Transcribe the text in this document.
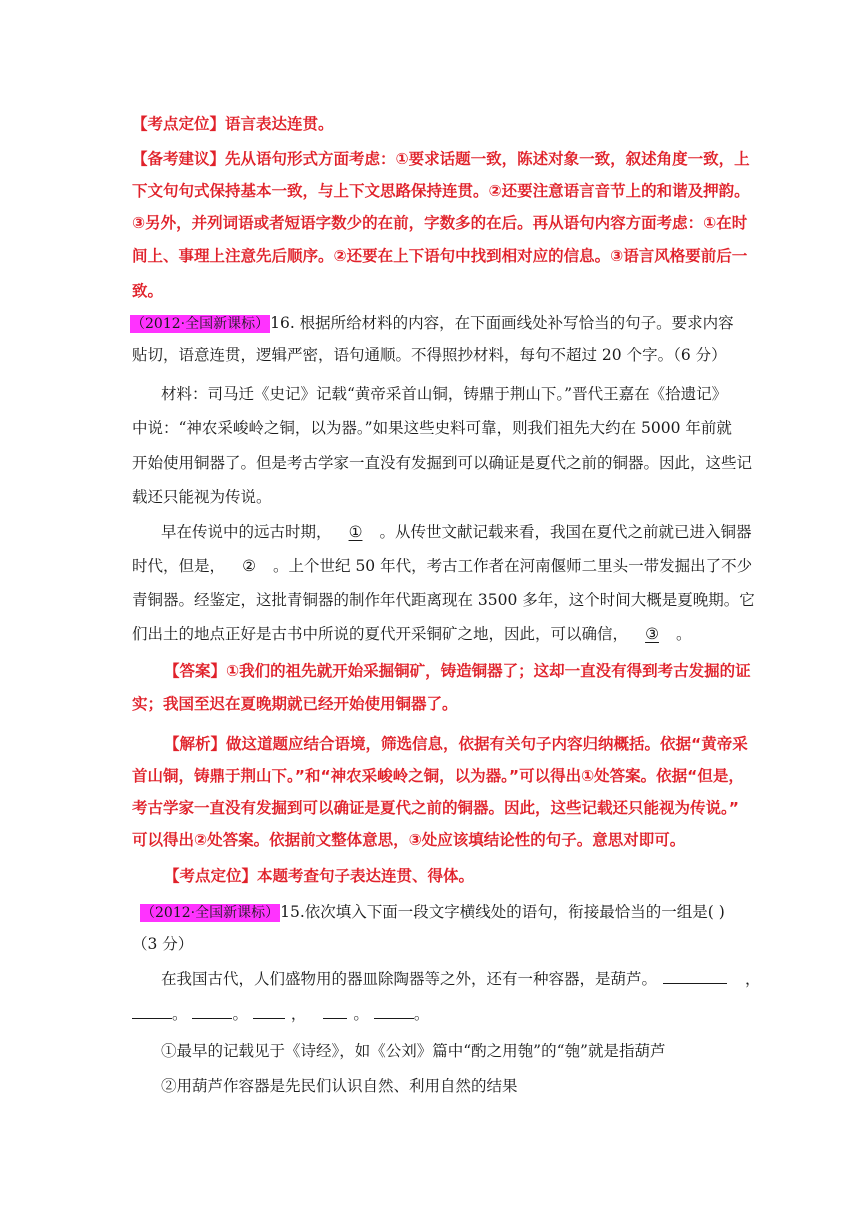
【考点定位】语言表达连贯。
【备考建议】先从语句形式方面考虑：①要求话题一致，陈述对象一致，叙述角度一致，上
下文句句式保持基本一致，与上下文思路保持连贯。②还要注意语言音节上的和谐及押韵。
③另外，并列词语或者短语字数少的在前，字数多的在后。再从语句内容方面考虑：①在时
间上、事理上注意先后顺序。②还要在上下语句中找到相对应的信息。③语言风格要前后一
致。
（2012·全国新课标）16. 根据所给材料的内容，在下面画线处补写恰当的句子。要求内容
贴切，语意连贯，逻辑严密，语句通顺。不得照抄材料，每句不超过 20 个字。（6 分）
材料：司马迁《史记》记载“黄帝采首山铜，铸鼎于荆山下。”晋代王嘉在《拾遗记》
中说：“神农采峻岭之铜，以为器。”如果这些史料可靠，则我们祖先大约在 5000 年前就
开始使用铜器了。但是考古学家一直没有发掘到可以确证是夏代之前的铜器。因此，这些记
载还只能视为传说。
早在传说中的远古时期， ① 。从传世文献记载来看，我国在夏代之前就已进入铜器
时代，但是， ② 。上个世纪 50 年代，考古工作者在河南偃师二里头一带发掘出了不少
青铜器。经鉴定，这批青铜器的制作年代距离现在 3500 多年，这个时间大概是夏晚期。它
们出土的地点正好是古书中所说的夏代开采铜矿之地，因此，可以确信， ③ 。
【答案】①我们的祖先就开始采掘铜矿，铸造铜器了；这却一直没有得到考古发掘的证
实；我国至迟在夏晚期就已经开始使用铜器了。
【解析】做这道题应结合语境，筛选信息，依据有关句子内容归纳概括。依据“黄帝采
首山铜，铸鼎于荆山下。”和“神农采峻岭之铜，以为器。”可以得出①处答案。依据“但是，
考古学家一直没有发掘到可以确证是夏代之前的铜器。因此，这些记载还只能视为传说。”
可以得出②处答案。依据前文整体意思，③处应该填结论性的句子。意思对即可。
【考点定位】本题考查句子表达连贯、得体。
（2012·全国新课标）15.依次填入下面一段文字横线处的语句，衔接最恰当的一组是( )
（3 分）
在我国古代，人们盛物用的器皿除陶器等之外，还有一种容器，是葫芦。	，
。	。	，	。	。
①最早的记载见于《诗经》，如《公刘》篇中“酌之用匏”的“匏”就是指葫芦
②用葫芦作容器是先民们认识自然、利用自然的结果
